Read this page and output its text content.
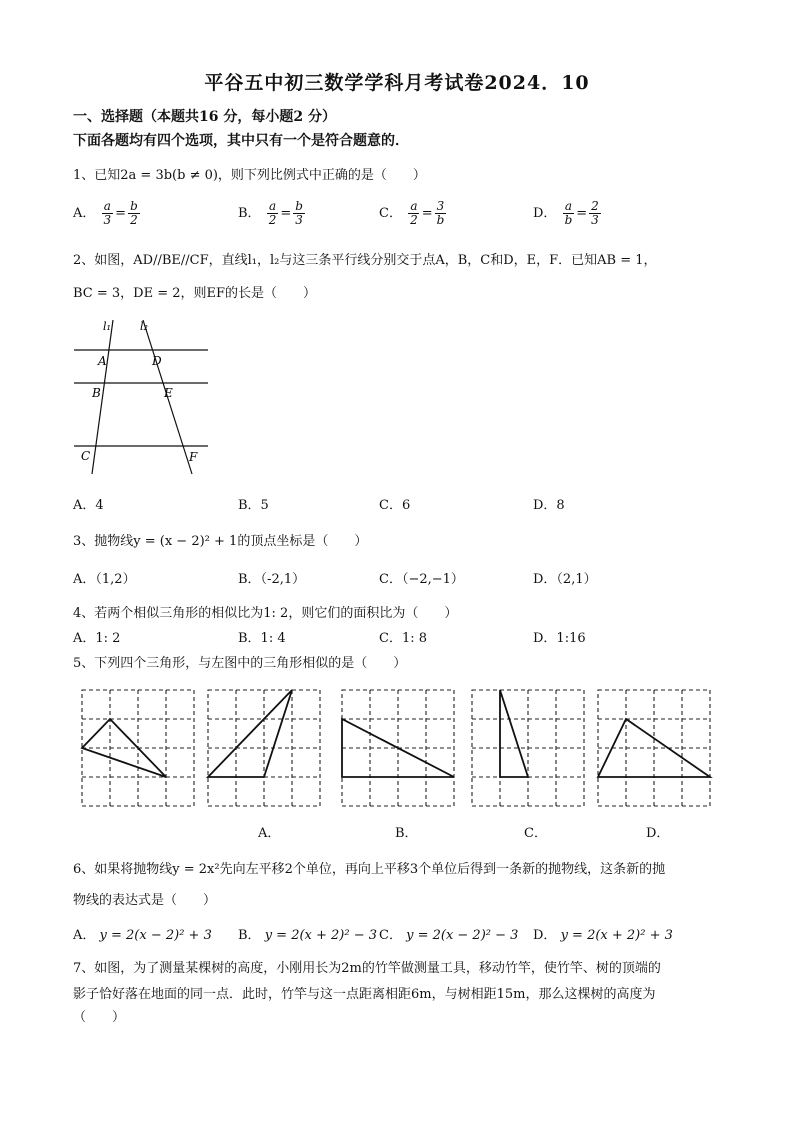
平谷五中初三数学学科月考试卷2024．10
一、选择题（本题共16 分，每小题2 分）
下面各题均有四个选项，其中只有一个是符合题意的．
1、已知2a = 3b(b ≠ 0)，则下列比例式中正确的是（　　）
A． $\frac{a}{3} = \frac{b}{2}$	B． $\frac{a}{2} = \frac{b}{3}$	C． $\frac{a}{2} = \frac{3}{b}$	D． $\frac{a}{b} = \frac{2}{3}$
2、如图，AD//BE//CF，直线l₁，l₂与这三条平行线分别交于点A，B，C和D，E，F．已知AB = 1，
BC = 3，DE = 2，则EF的长是（　　）
l₁	l₂
A	D
B	E
C	F
A．4	B．5	C．6	D．8
3、抛物线y = (x − 2)² + 1的顶点坐标是（　　）
A．（1,2）	B．（-2,1）	C．（−2,−1）	D．（2,1）
4、若两个相似三角形的相似比为1: 2，则它们的面积比为（　　）
A．1: 2	B．1: 4	C．1: 8	D．1:16
5、下列四个三角形，与左图中的三角形相似的是（　　）
A．	B．	C．	D．
6、如果将抛物线y = 2x²先向左平移2个单位，再向上平移3个单位后得到一条新的抛物线，这条新的抛
物线的表达式是（　　）
A． y = 2(x − 2)² + 3 B． y = 2(x + 2)² − 3 C． y = 2(x − 2)² − 3 D． y = 2(x + 2)² + 3
7、如图，为了测量某棵树的高度，小刚用长为2m的竹竿做测量工具，移动竹竿，使竹竿、树的顶端的
影子恰好落在地面的同一点．此时，竹竿与这一点距离相距6m，与树相距15m，那么这棵树的高度为
（　　）
